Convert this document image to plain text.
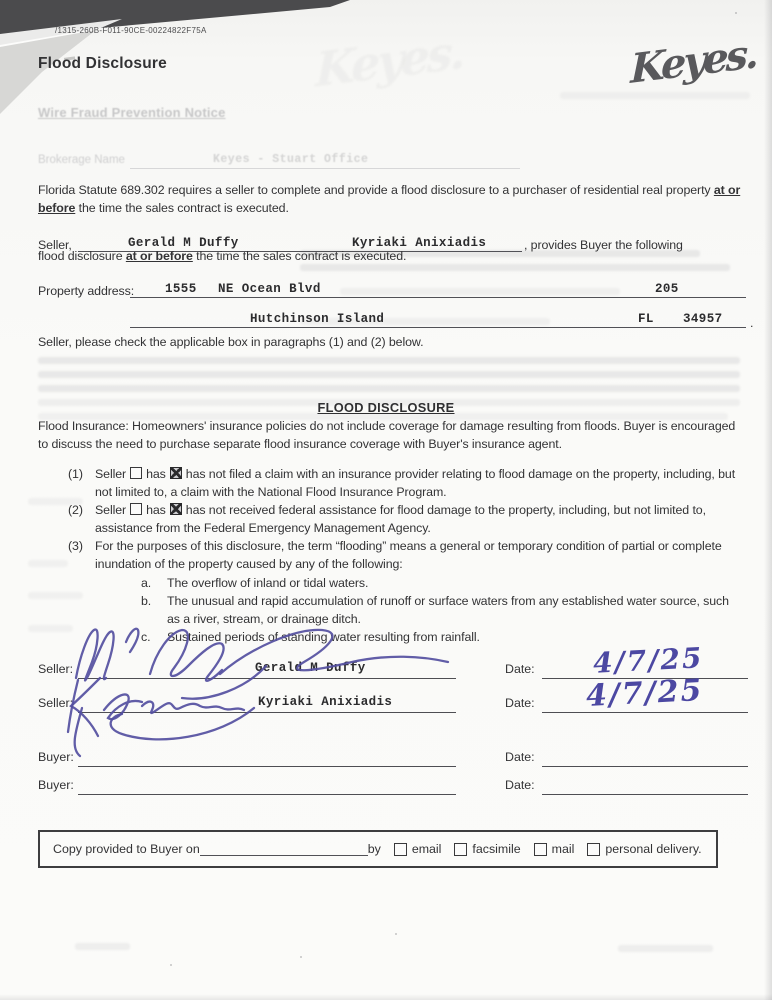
/1315-260B-F011-90CE-00224822F75A
Flood Disclosure	Keyes.	Keyes.
Wire Fraud Prevention Notice
Brokerage Name	Keyes - Stuart Office

Florida Statute 689.302 requires a seller to complete and provide a flood disclosure to a purchaser of residential real property at or before the time the sales contract is executed.

Seller,	Gerald M Duffy	Kyriaki Anixiadis	, provides Buyer the following

flood disclosure at or before the time the sales contract is executed.

Property address: 1555 NE Ocean Blvd	205
Hutchinson Island	FL 34957 .

Seller, please check the applicable box in paragraphs (1) and (2) below.

FLOOD DISCLOSURE

Flood Insurance: Homeowners' insurance policies do not include coverage for damage resulting from floods. Buyer is encouraged to discuss the need to purchase separate flood insurance coverage with Buyer's insurance agent.

(1) Seller has has not filed a claim with an insurance provider relating to flood damage on the property, including, but not limited to, a claim with the National Flood Insurance Program.
(2) Seller has has not received federal assistance for flood damage to the property, including, but not limited to, assistance from the Federal Emergency Management Agency.
(3) For the purposes of this disclosure, the term “flooding” means a general or temporary condition of partial or complete inundation of the property caused by any of the following:
a.	The overflow of inland or tidal waters.
b.	The unusual and rapid accumulation of runoff or surface waters from any established water source, such as a river, stream, or drainage ditch.
c.	Sustained periods of standing water resulting from rainfall.
Seller:	Gerald M Duffy	Date: 4/7/25
Seller:	Kyriaki Anixiadis	Date: 4/7/25
Buyer:	Date:
Buyer:	Date:
Copy provided to Buyer on	by	email	facsimile	mail	personal delivery.
